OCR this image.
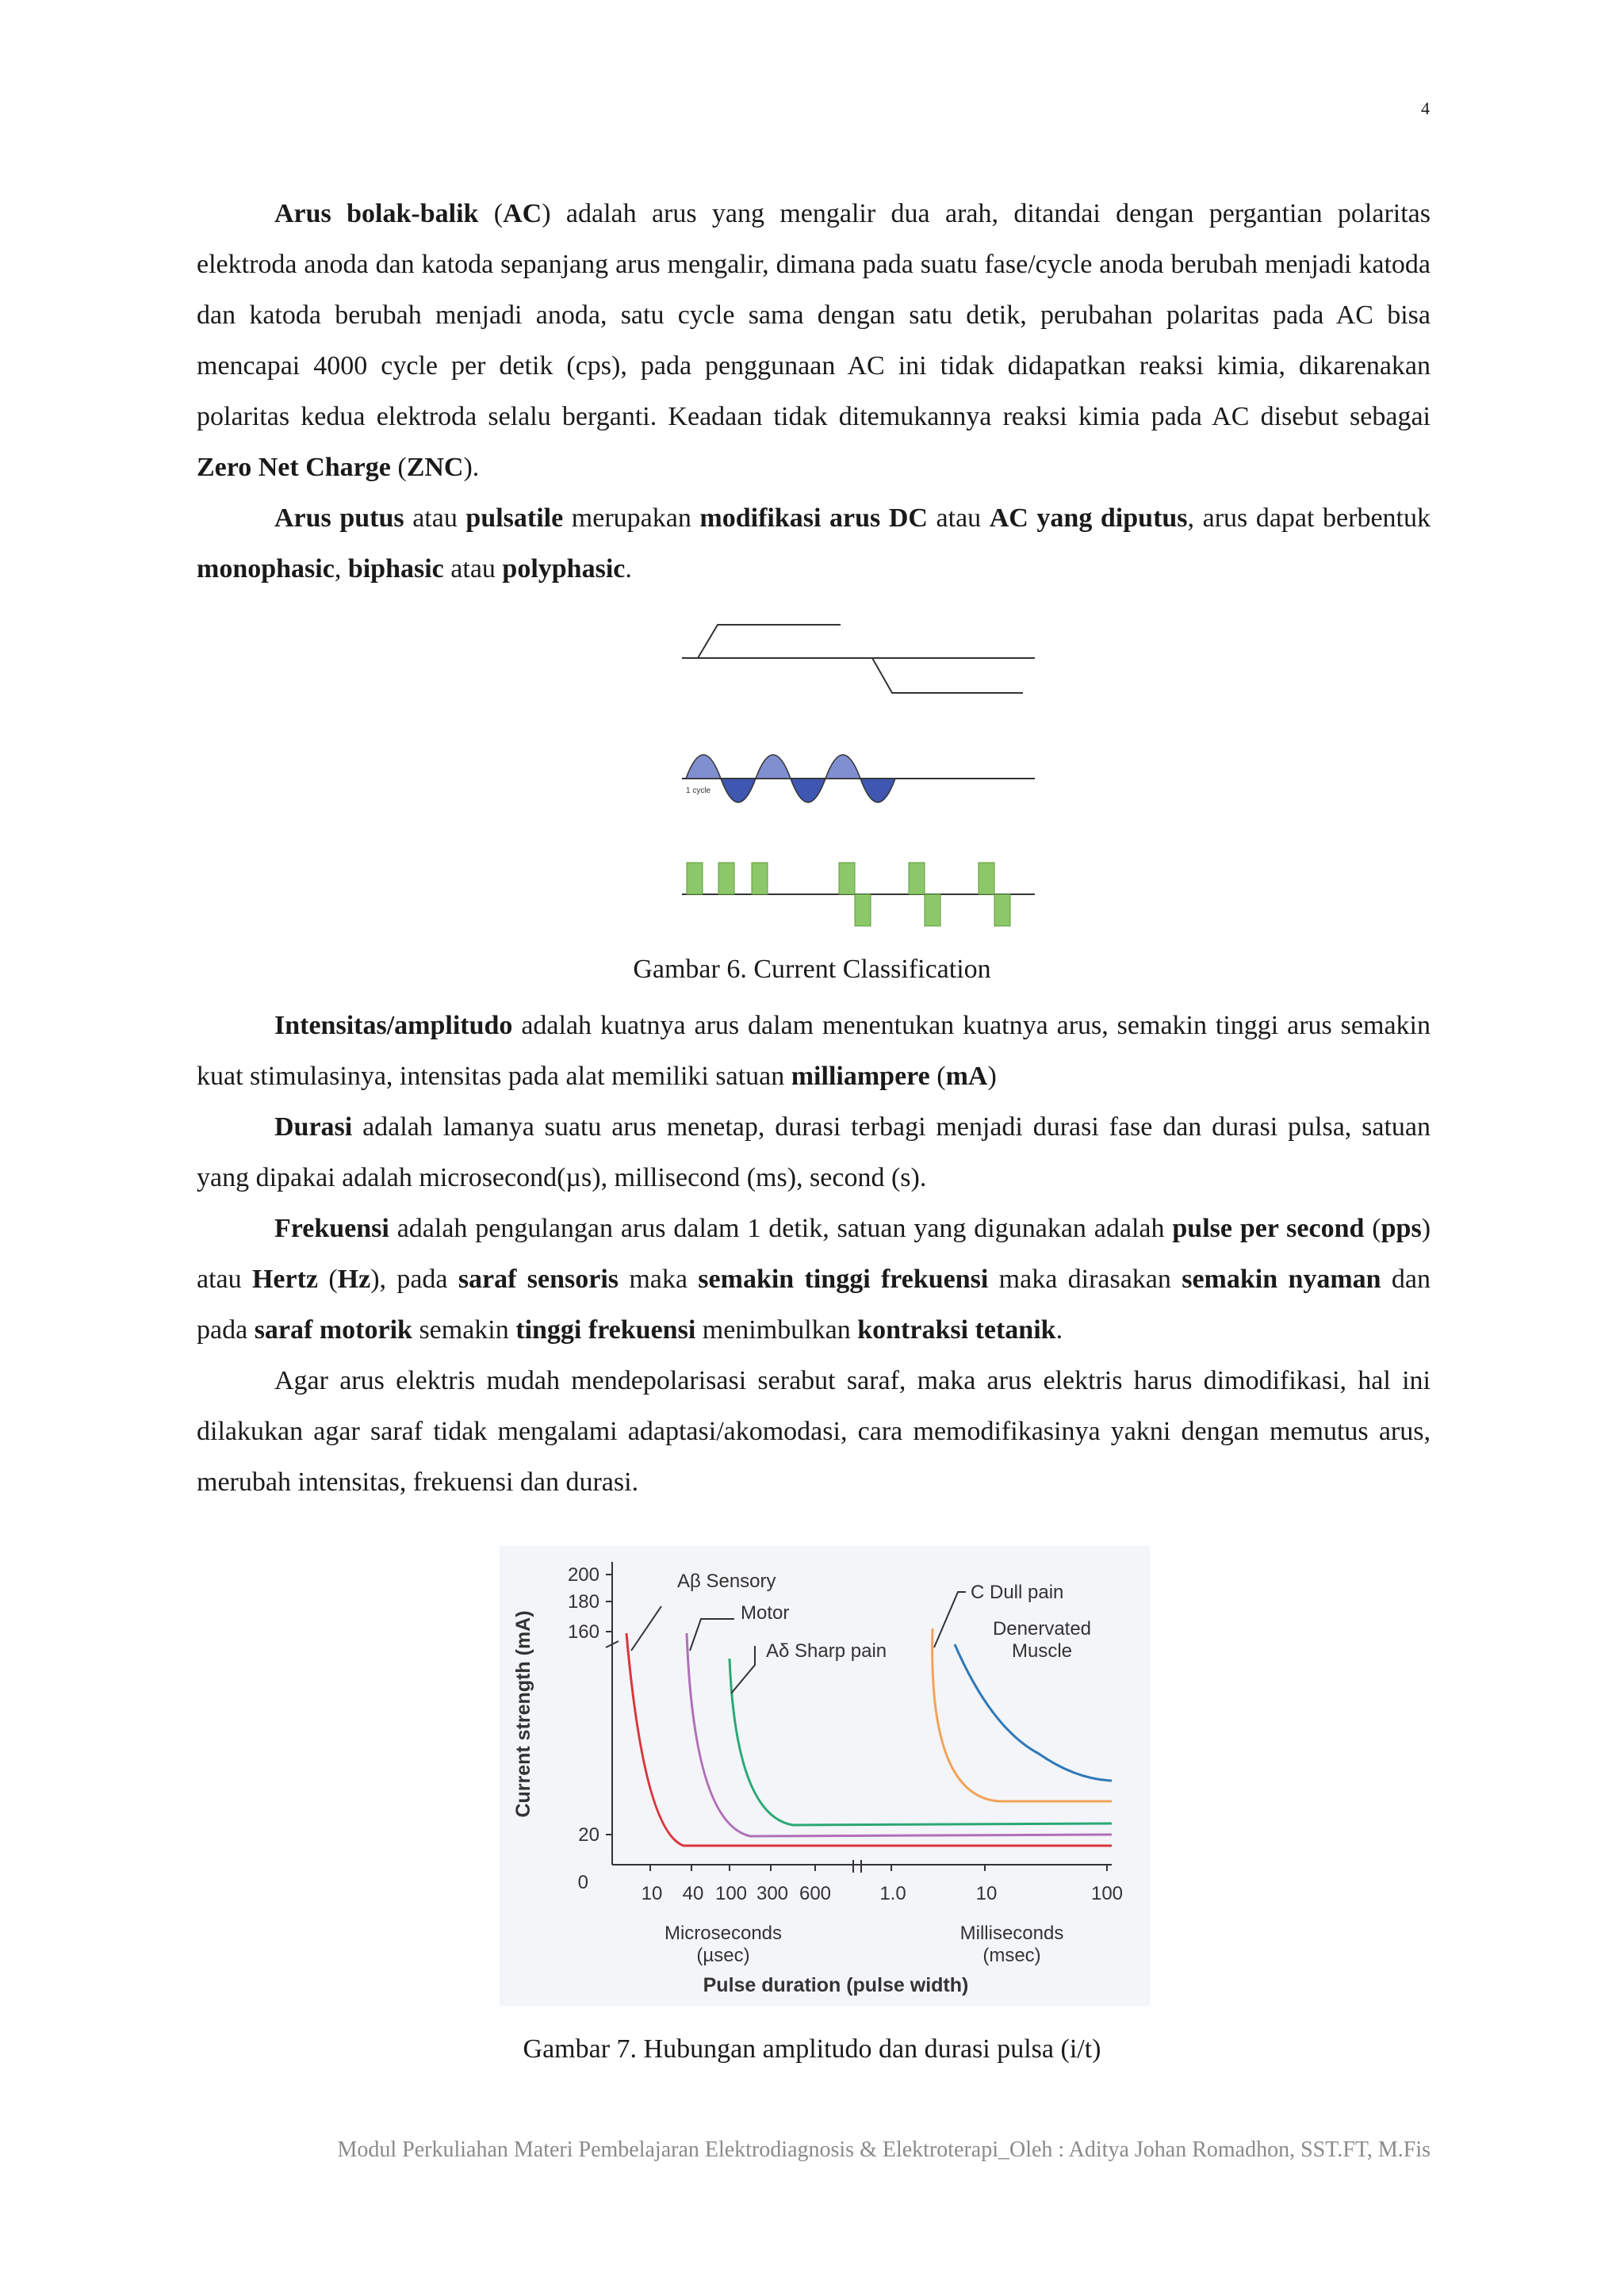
4

Arus bolak-balik (AC) adalah arus yang mengalir dua arah, ditandai dengan pergantian polaritas elektroda anoda dan katoda sepanjang arus mengalir, dimana pada suatu fase/cycle anoda berubah menjadi katoda dan katoda berubah menjadi anoda, satu cycle sama dengan satu detik, perubahan polaritas pada AC bisa mencapai 4000 cycle per detik (cps), pada penggunaan AC ini tidak didapatkan reaksi kimia, dikarenakan polaritas kedua elektroda selalu berganti. Keadaan tidak ditemukannya reaksi kimia pada AC disebut sebagai Zero Net Charge (ZNC).

Arus putus atau pulsatile merupakan modifikasi arus DC atau AC yang diputus, arus dapat berbentuk monophasic, biphasic atau polyphasic.

1 cycle
Gambar 6. Current Classification

Intensitas/amplitudo adalah kuatnya arus dalam menentukan kuatnya arus, semakin tinggi arus semakin kuat stimulasinya, intensitas pada alat memiliki satuan milliampere (mA)

Durasi adalah lamanya suatu arus menetap, durasi terbagi menjadi durasi fase dan durasi pulsa, satuan yang dipakai adalah microsecond(µs), millisecond (ms), second (s).

Frekuensi adalah pengulangan arus dalam 1 detik, satuan yang digunakan adalah pulse per second (pps) atau Hertz (Hz), pada saraf sensoris maka semakin tinggi frekuensi maka dirasakan semakin nyaman dan pada saraf motorik semakin tinggi frekuensi menimbulkan kontraksi tetanik.

Agar arus elektris mudah mendepolarisasi serabut saraf, maka arus elektris harus dimodifikasi, hal ini dilakukan agar saraf tidak mengalami adaptasi/akomodasi, cara memodifikasinya yakni dengan memutus arus, merubah intensitas, frekuensi dan durasi.

200
180
160
20
0
Current strength (mA)
10 40 100 300 600	1.0	10	100
Microseconds
(µsec)
Milliseconds
(msec)
Pulse duration (pulse width)
Aβ Sensory
Motor
Aδ Sharp pain
C Dull pain
Denervated
Muscle
Gambar 7. Hubungan amplitudo dan durasi pulsa (i/t)
Modul Perkuliahan Materi Pembelajaran Elektrodiagnosis & Elektroterapi_Oleh : Aditya Johan Romadhon, SST.FT, M.Fis
